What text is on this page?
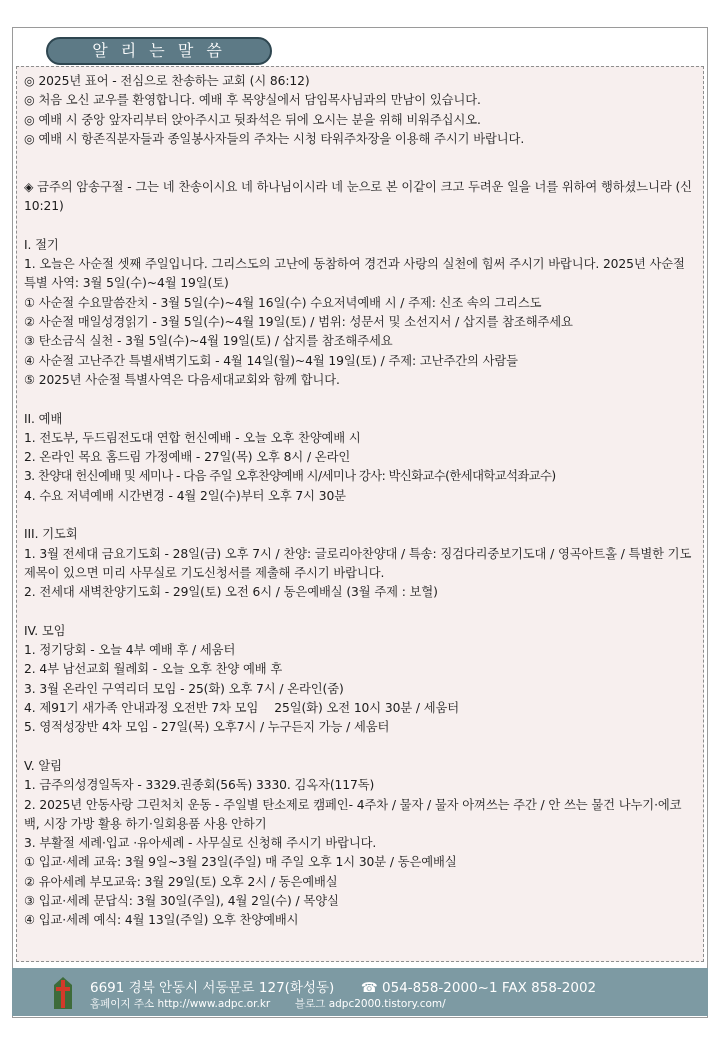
알 리 는 말 씀
◎ 2025년 표어 - 전심으로 찬송하는 교회 (시 86:12)
◎ 처음 오신 교우를 환영합니다. 예배 후 목양실에서 담임목사님과의 만남이 있습니다.
◎ 예배 시 중앙 앞자리부터 앉아주시고 뒷좌석은 뒤에 오시는 분을 위해 비워주십시오.
◎ 예배 시 항존직분자들과 종일봉사자들의 주차는 시청 타워주차장을 이용해 주시기 바랍니다.
◈ 금주의 암송구절 - 그는 네 찬송이시요 네 하나님이시라 네 눈으로 본 이같이 크고 두려운 일을 너를 위하여 행하셨느니라 (신 10:21)
I. 절기
1. 오늘은 사순절 셋째 주일입니다. 그리스도의 고난에 동참하여 경건과 사랑의 실천에 힘써 주시기 바랍니다. 2025년 사순절 특별 사역: 3월 5일(수)~4월 19일(토)
① 사순절 수요말씀잔치 - 3월 5일(수)~4월 16일(수) 수요저녁예배 시 / 주제: 신조 속의 그리스도
② 사순절 매일성경읽기 - 3월 5일(수)~4월 19일(토) / 범위: 성문서 및 소선지서 / 삽지를 참조해주세요
③ 탄소금식 실천 - 3월 5일(수)~4월 19일(토) / 삽지를 참조해주세요
④ 사순절 고난주간 특별새벽기도회 - 4월 14일(월)~4월 19일(토) / 주제: 고난주간의 사람들
⑤ 2025년 사순절 특별사역은 다음세대교회와 함께 합니다.
II. 예배
1. 전도부, 두드림전도대 연합 헌신예배 - 오늘 오후 찬양예배 시
2. 온라인 목요 홈드림 가정예배 - 27일(목) 오후 8시 / 온라인
3. 찬양대 헌신예배 및 세미나 - 다음 주일 오후찬양예배 시/세미나 강사: 박신화교수(한세대학교석좌교수)
4. 수요 저녁예배 시간변경 - 4월 2일(수)부터 오후 7시 30분
III. 기도회
1. 3월 전세대 금요기도회 - 28일(금) 오후 7시 / 찬양: 글로리아찬양대 / 특송: 징검다리중보기도대 / 영곡아트홀 / 특별한 기도제목이 있으면 미리 사무실로 기도신청서를 제출해 주시기 바랍니다.
2. 전세대 새벽찬양기도회 - 29일(토) 오전 6시 / 동은예배실 (3월 주제 : 보혈)
IV. 모임
1. 정기당회 - 오늘 4부 예배 후 / 세움터
2. 4부 남선교회 월례회 - 오늘 오후 찬양 예배 후
3. 3월 온라인 구역리더 모임 - 25(화) 오후 7시 / 온라인(줌)
4. 제91기 새가족 안내과정 오전반 7차 모임　 25일(화) 오전 10시 30분 / 세움터
5. 영적성장반 4차 모임 - 27일(목) 오후7시 / 누구든지 가능 / 세움터
V. 알림
1. 금주의성경일독자 - 3329.권종회(56독) 3330. 김옥자(117독)
2. 2025년 안동사랑 그린처치 운동 - 주일별 탄소제로 캠페인- 4주차 / 물자 / 물자 아껴쓰는 주간 / 안 쓰는 물건 나누기·에코백, 시장 가방 활용 하기·일회용품 사용 안하기
3. 부활절 세례·입교 ·유아세례 - 사무실로 신청해 주시기 바랍니다.
① 입교·세례 교육: 3월 9일~3월 23일(주일) 매 주일 오후 1시 30분 / 동은예배실
② 유아세례 부모교육: 3월 29일(토) 오후 2시 / 동은예배실
③ 입교·세례 문답식: 3월 30일(주일), 4월 2일(수) / 목양실
④ 입교·세례 예식: 4월 13일(주일) 오후 찬양예배시
6691 경북 안동시 서동문로 127(화성동) ☎ 054-858-2000~1 FAX 858-2002
홈페이지 주소 http://www.adpc.or.kr 블로그 adpc2000.tistory.com/
